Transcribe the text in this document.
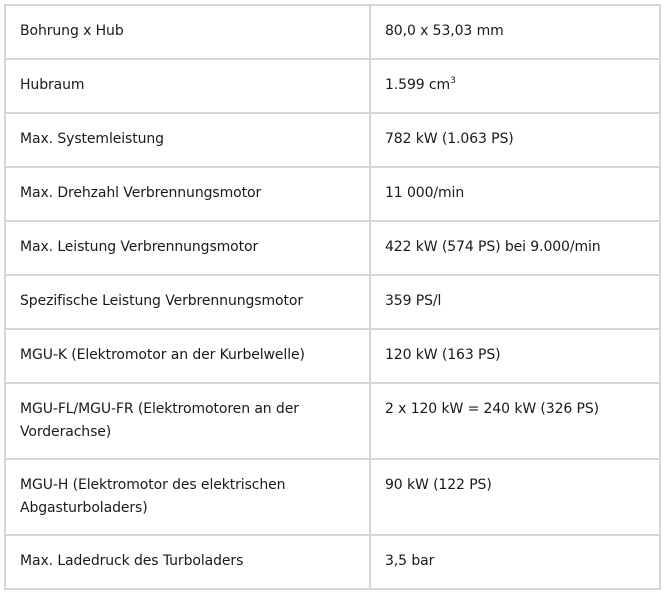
Bohrung x Hub	80,0 x 53,03 mm
Hubraum	1.599 $cm^3$
Max. Systemleistung	782 kW (1.063 PS)
Max. Drehzahl Verbrennungsmotor	11 000/min
Max. Leistung Verbrennungsmotor	422 kW (574 PS) bei 9.000/min
Spezifische Leistung Verbrennungsmotor	359 PS/l
MGU-K (Elektromotor an der Kurbelwelle)	120 kW (163 PS)
MGU-FL/MGU-FR (Elektromotoren an der Vorderachse)	2 x 120 kW = 240 kW (326 PS)
MGU-H (Elektromotor des elektrischen Abgasturboladers)	90 kW (122 PS)
Max. Ladedruck des Turboladers	3,5 bar
